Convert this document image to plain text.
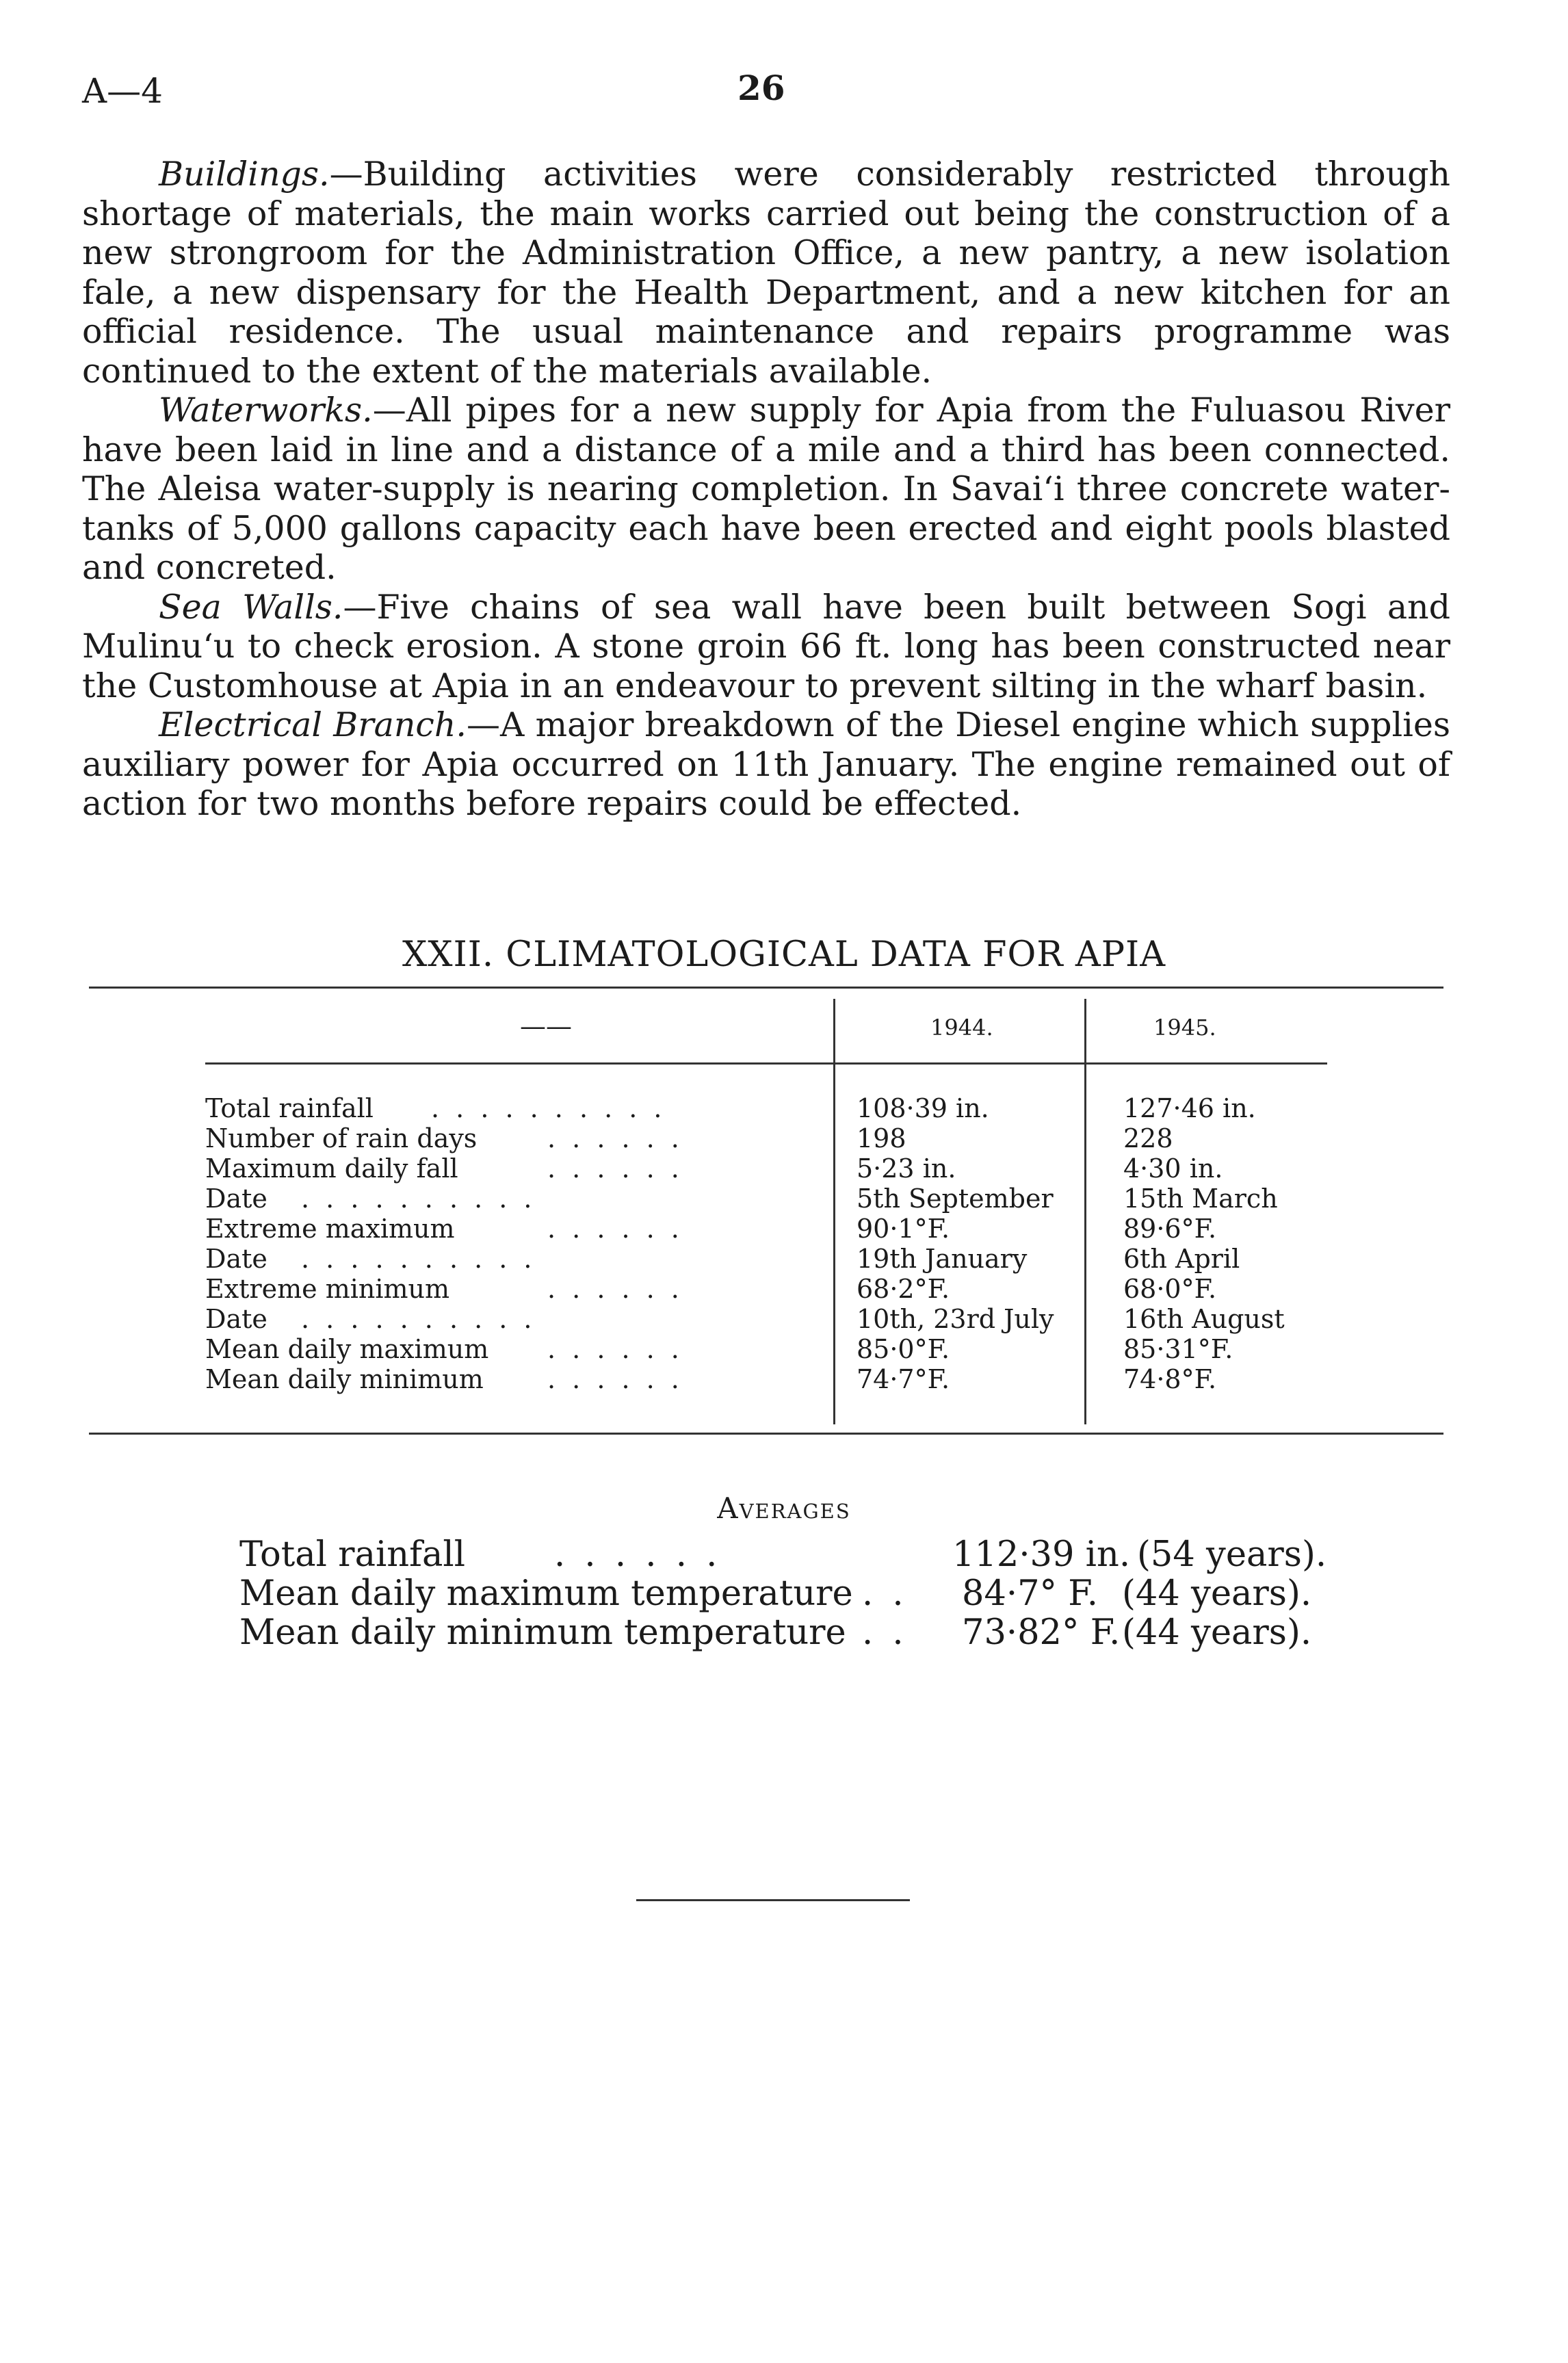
A—4	26

Buildings.—Building activities were considerably restricted through shortage of materials, the main works carried out being the construction of a new strongroom for the Administration Office, a new pantry, a new isolation fale, a new dispensary for the Health Department, and a new kitchen for an official residence. The usual maintenance and repairs programme was continued to the extent of the materials available.

Waterworks.—All pipes for a new supply for Apia from the Fuluasou River have been laid in line and a distance of a mile and a third has been connected. The Aleisa water-supply is nearing completion. In Savai‘i three concrete water-tanks of 5,000 gallons capacity each have been erected and eight pools blasted and concreted.

Sea Walls.—Five chains of sea wall have been built between Sogi and Mulinu‘u to check erosion. A stone groin 66 ft. long has been constructed near the Customhouse at Apia in an endeavour to prevent silting in the wharf basin.

Electrical Branch.—A major breakdown of the Diesel engine which supplies auxiliary power for Apia occurred on 11th January. The engine remained out of action for two months before repairs could be effected.

XXII. CLIMATOLOGICAL DATA FOR APIA
——	1944.	1945.
Total rainfall . . . . . . . . . .	108·39 in.	127·46 in.
Number of rain days	. . . . . .	198	228
Maximum daily fall	. . . . . .	5·23 in.	4·30 in.
Date . . . . . . . . . .	5th September	15th March
Extreme maximum	. . . . . .	90·1°F.	89·6°F.
Date . . . . . . . . . .	19th January	6th April
Extreme minimum	. . . . . .	68·2°F.	68·0°F.
Date . . . . . . . . . .	10th, 23rd July	16th August
Mean daily maximum . . . . . .	85·0°F.	85·31°F.
Mean daily minimum . . . . . .	74·7°F.	74·8°F.
Averages
Total rainfall	. . . . . .	112·39 in. (54 years).
Mean daily maximum temperature . . 84·7° F. (44 years).
Mean daily minimum temperature . . 73·82° F. (44 years).
